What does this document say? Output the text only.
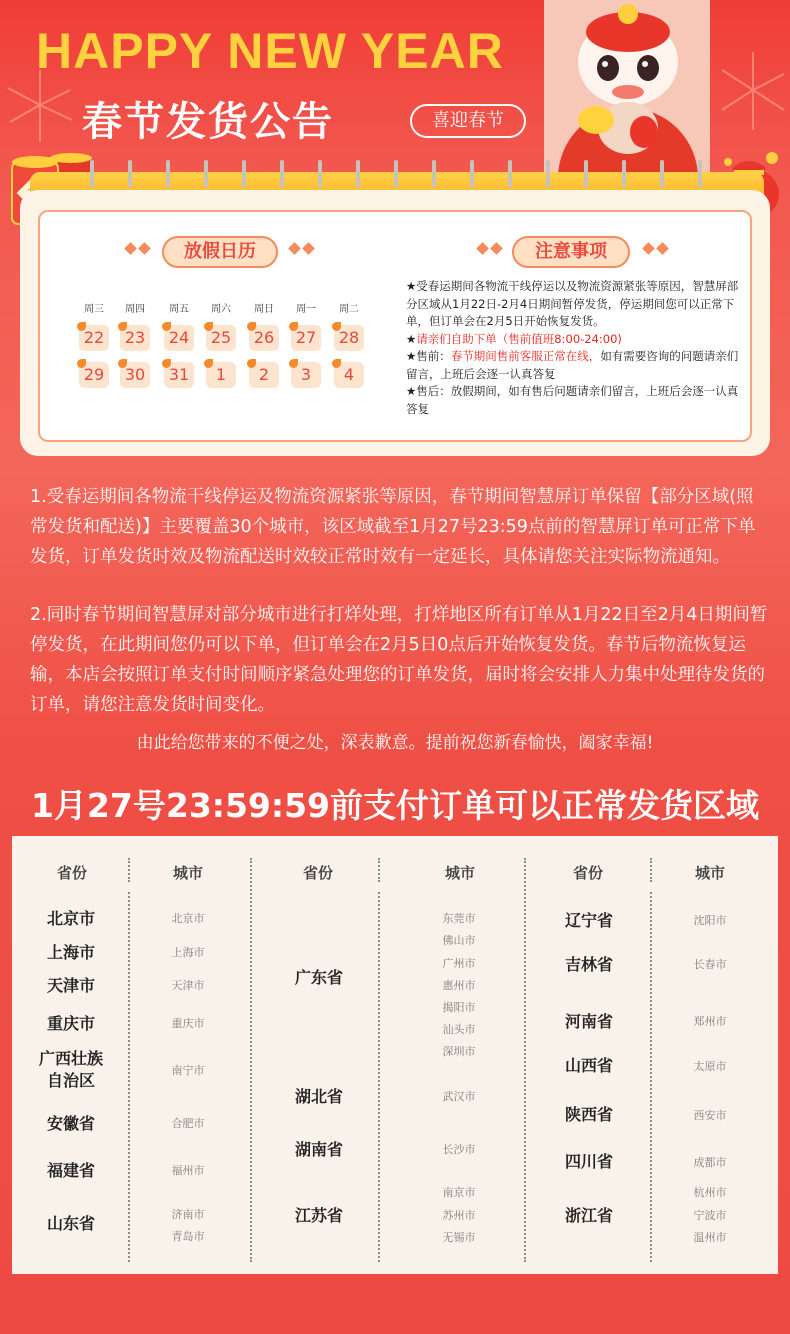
HAPPY NEW YEAR
春节发货公告	喜迎春节
放假日历
周三	周四	周五	周六	周日	周一	周二
22	23	24	25	26	27	28
29	30	31	1	2	3	4
注意事项
★受春运期间各物流干线停运以及物流资源紧张等原因，智慧屏部分区域从1月22日-2月4日期间暂停发货，停运期间您可以正常下单，但订单会在2月5日开始恢复发货。
★请亲们自助下单（售前值班8:00-24:00)
★售前：春节期间售前客服正常在线，如有需要咨询的问题请亲们留言，上班后会逐一认真答复
★售后：放假期间，如有售后问题请亲们留言，上班后会逐一认真答复
1.受春运期间各物流干线停运及物流资源紧张等原因，春节期间智慧屏订单保留【部分区域(照常发货和配送)】主要覆盖30个城市，该区域截至1月27号23:59点前的智慧屏订单可正常下单发货，订单发货时效及物流配送时效较正常时效有一定延长，具体请您关注实际物流通知。
2.同时春节期间智慧屏对部分城市进行打烊处理，打烊地区所有订单从1月22日至2月4日期间暂停发货，在此期间您仍可以下单，但订单会在2月5日0点后开始恢复发货。春节后物流恢复运输，本店会按照订单支付时间顺序紧急处理您的订单发货，届时将会安排人力集中处理待发货的订单，请您注意发货时间变化。
由此给您带来的不便之处，深表歉意。提前祝您新春愉快，阖家幸福!
1月27号23:59:59前支付订单可以正常发货区域
省份	城市	省份	城市	省份	城市
北京市	北京市
上海市	上海市
天津市	天津市
重庆市	重庆市
广西壮族
自治区
南宁市
安徽省	合肥市
福建省	福州市
山东省	济南市
青岛市
广东省
东莞市
佛山市
广州市
惠州市
揭阳市
汕头市
深圳市
湖北省	武汉市
湖南省	长沙市
江苏省
南京市
苏州市
无锡市
辽宁省	沈阳市
吉林省	长春市
河南省	郑州市
山西省	太原市
陕西省	西安市
四川省	成都市
浙江省
杭州市
宁波市
温州市
